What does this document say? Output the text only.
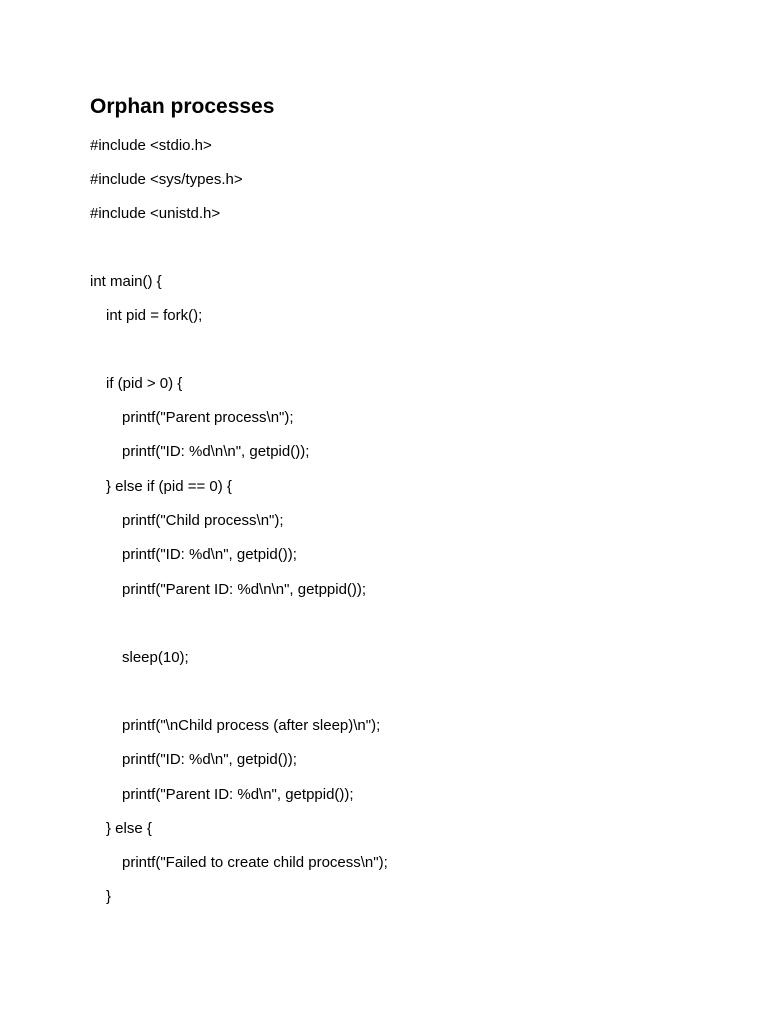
Orphan processes

#include <stdio.h>

#include <sys/types.h>

#include <unistd.h>

int main() {

int pid = fork();

if (pid > 0) {

printf("Parent process\n");

printf("ID: %d\n\n", getpid());

} else if (pid == 0) {

printf("Child process\n");

printf("ID: %d\n", getpid());

printf("Parent ID: %d\n\n", getppid());

sleep(10);

printf("\nChild process (after sleep)\n");

printf("ID: %d\n", getpid());

printf("Parent ID: %d\n", getppid());

} else {

printf("Failed to create child process\n");

}
